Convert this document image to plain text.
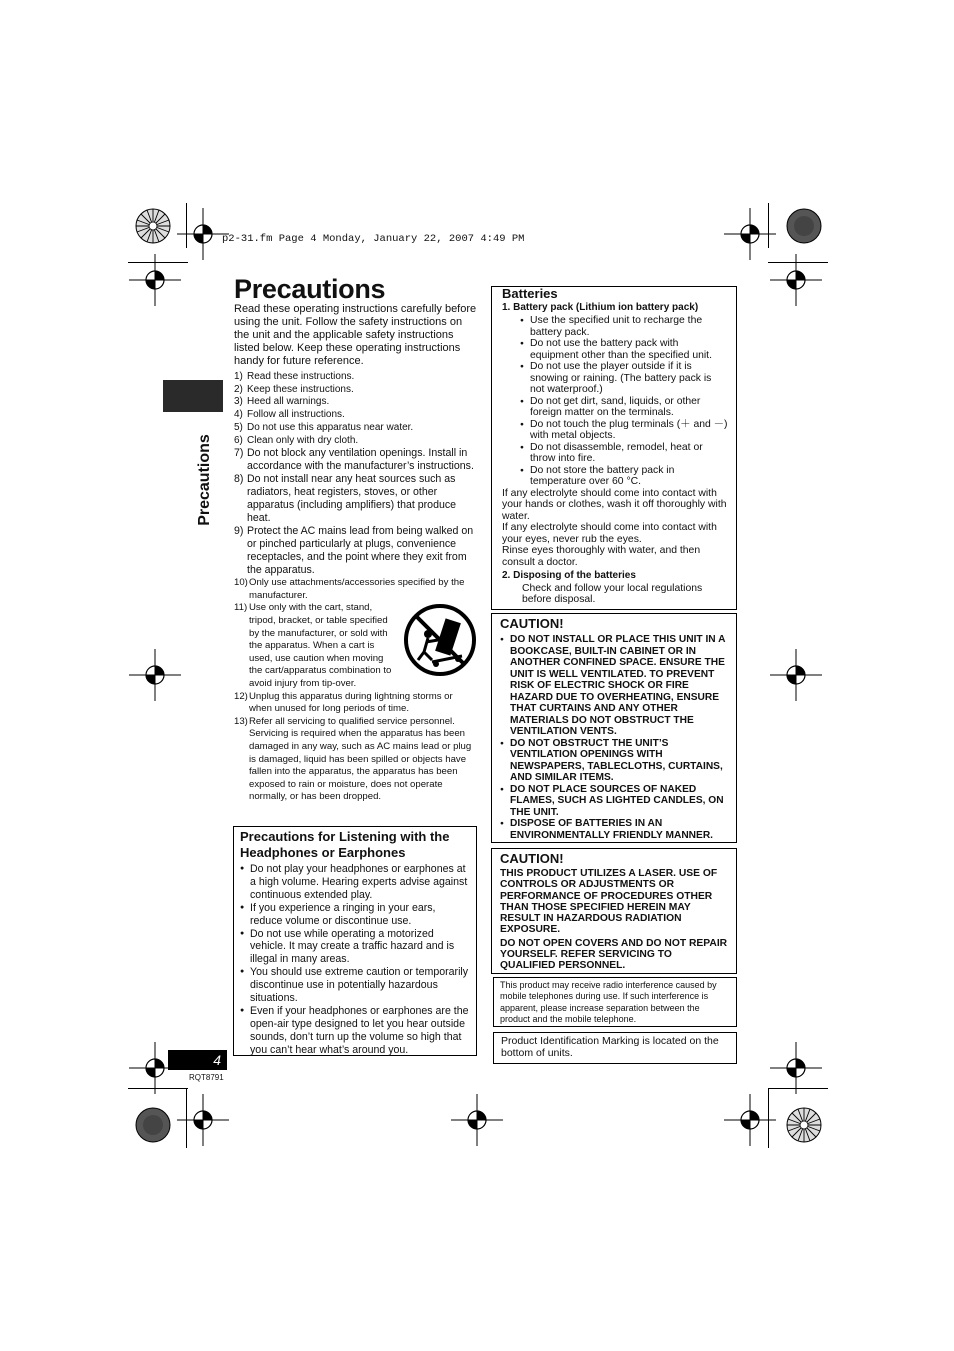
p2-31.fm Page 4 Monday, January 22, 2007 4:49 PM
Precautions

Read these operating instructions carefully before using the unit. Follow the safety instructions on the unit and the applicable safety instructions listed below. Keep these operating instructions handy for future reference.

Precautions
1) Read these instructions.
2) Keep these instructions.
3) Heed all warnings.
4) Follow all instructions.
5) Do not use this apparatus near water.
6) Clean only with dry cloth.
7) Do not block any ventilation openings. Install in accordance with the manufacturer’s instructions.
8) Do not install near any heat sources such as radiators, heat registers, stoves, or other apparatus (including amplifiers) that produce heat.
9) Protect the AC mains lead from being walked on or pinched particularly at plugs, convenience receptacles, and the point where they exit from the apparatus.
10) Only use attachments/accessories specified by the manufacturer.
11) Use only with the cart, stand, tripod, bracket, or table specified by the manufacturer, or sold with the apparatus. When a cart is used, use caution when moving the cart/apparatus combination to avoid injury from tip-over.
12) Unplug this apparatus during lightning storms or when unused for long periods of time.
13) Refer all servicing to qualified service personnel. Servicing is required when the apparatus has been damaged in any way, such as AC mains lead or plug is damaged, liquid has been spilled or objects have fallen into the apparatus, the apparatus has been exposed to rain or moisture, does not operate normally, or has been dropped.
Precautions for Listening with the Headphones or Earphones
● Do not play your headphones or earphones at a high volume. Hearing experts advise against continuous extended play.
● If you experience a ringing in your ears, reduce volume or discontinue use.
● Do not use while operating a motorized vehicle. It may create a traffic hazard and is illegal in many areas.
● You should use extreme caution or temporarily discontinue use in potentially hazardous situations.
● Even if your headphones or earphones are the open-air type designed to let you hear outside sounds, don’t turn up the volume so high that you can’t hear what’s around you.
Batteries
1. Battery pack (Lithium ion battery pack)
● Use the specified unit to recharge the battery pack.
● Do not use the battery pack with equipment other than the specified unit.
● Do not use the player outside if it is snowing or raining. (The battery pack is not waterproof.)
● Do not get dirt, sand, liquids, or other foreign matter on the terminals.
● Do not touch the plug terminals (＋ and －) with metal objects.
● Do not disassemble, remodel, heat or throw into fire.
● Do not store the battery pack in temperature over 60 °C.

If any electrolyte should come into contact with your hands or clothes, wash it off thoroughly with water.

If any electrolyte should come into contact with your eyes, never rub the eyes.

Rinse eyes thoroughly with water, and then consult a doctor.

2. Disposing of the batteries

Check and follow your local regulations before disposal.

CAUTION!
● DO NOT INSTALL OR PLACE THIS UNIT IN A BOOKCASE, BUILT-IN CABINET OR IN ANOTHER CONFINED SPACE. ENSURE THE UNIT IS WELL VENTILATED. TO PREVENT RISK OF ELECTRIC SHOCK OR FIRE HAZARD DUE TO OVERHEATING, ENSURE THAT CURTAINS AND ANY OTHER MATERIALS DO NOT OBSTRUCT THE VENTILATION VENTS.
● DO NOT OBSTRUCT THE UNIT’S VENTILATION OPENINGS WITH NEWSPAPERS, TABLECLOTHS, CURTAINS, AND SIMILAR ITEMS.
● DO NOT PLACE SOURCES OF NAKED FLAMES, SUCH AS LIGHTED CANDLES, ON THE UNIT.
● DISPOSE OF BATTERIES IN AN ENVIRONMENTALLY FRIENDLY MANNER.
CAUTION!

THIS PRODUCT UTILIZES A LASER. USE OF CONTROLS OR ADJUSTMENTS OR PERFORMANCE OF PROCEDURES OTHER THAN THOSE SPECIFIED HEREIN MAY RESULT IN HAZARDOUS RADIATION EXPOSURE.

DO NOT OPEN COVERS AND DO NOT REPAIR YOURSELF. REFER SERVICING TO QUALIFIED PERSONNEL.

This product may receive radio interference caused by mobile telephones during use. If such interference is apparent, please increase separation between the product and the mobile telephone.
Product Identification Marking is located on the bottom of units.
4
RQT8791
